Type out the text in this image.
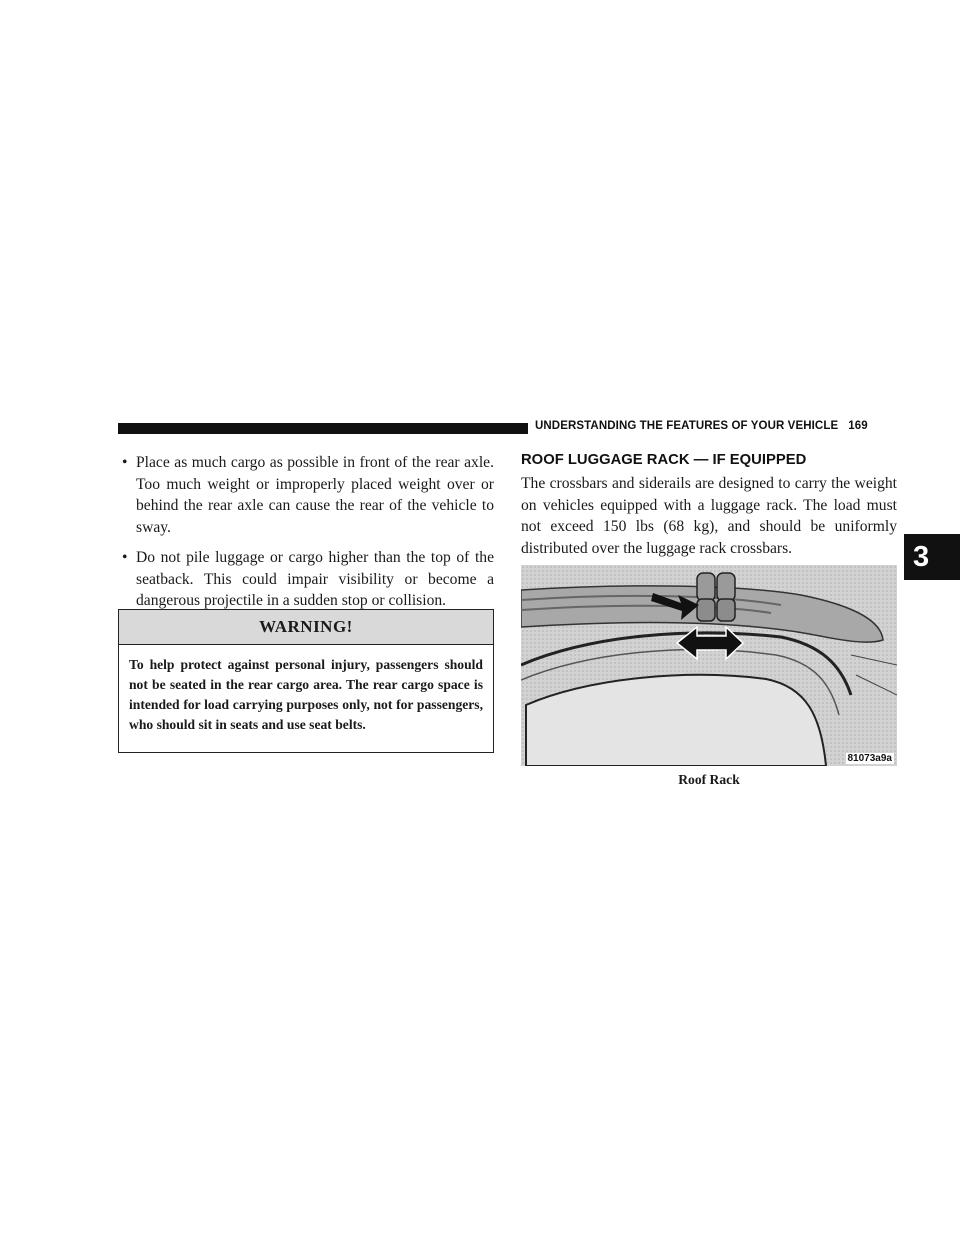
UNDERSTANDING THE FEATURES OF YOUR VEHICLE 169
3
• Place as much cargo as possible in front of the rear axle. Too much weight or improperly placed weight over or behind the rear axle can cause the rear of the vehicle to sway.
• Do not pile luggage or cargo higher than the top of the seatback. This could impair visibility or become a dangerous projectile in a sudden stop or collision.
WARNING!
To help protect against personal injury, passengers should not be seated in the rear cargo area. The rear cargo space is intended for load carrying purposes only, not for passengers, who should sit in seats and use seat belts.
ROOF LUGGAGE RACK — IF EQUIPPED
The crossbars and siderails are designed to carry the weight on vehicles equipped with a luggage rack. The load must not exceed 150 lbs (68 kg), and should be uniformly distributed over the luggage rack crossbars.
81073a9a
Roof Rack
